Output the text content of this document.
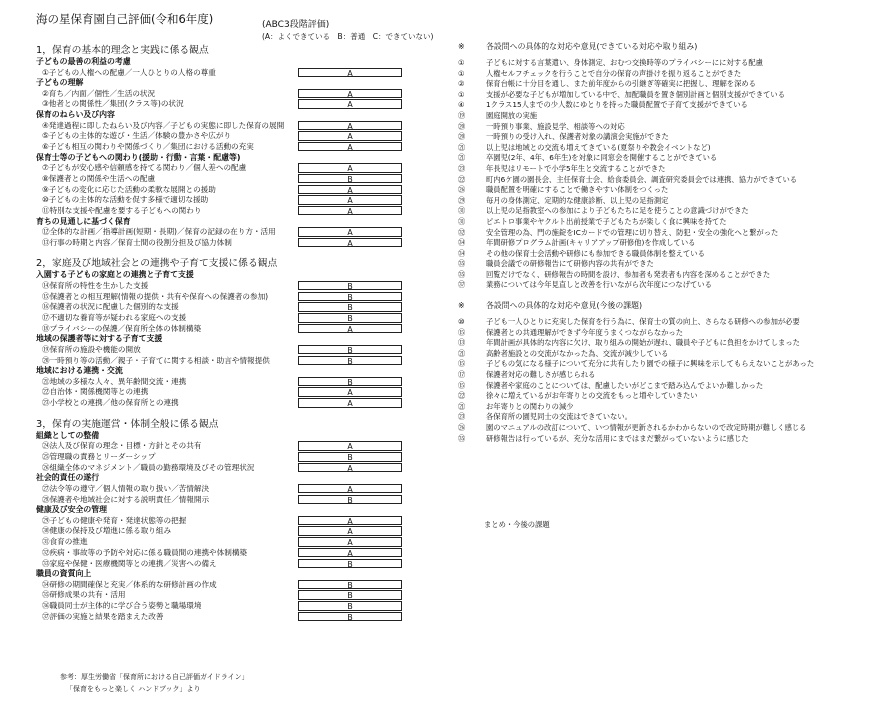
海の星保育園自己評価(令和6年度)	(ABC3段階評価)
(A：よくできている　B：普通　C：できていない)
1，保育の基本的理念と実践に係る観点
子どもの最善の利益の考慮
①子どもの人権への配慮／一人ひとりの人格の尊重	A
子どもの理解
②育ち／内面／個性／生活の状況	A
③他者との関係性／集団(クラス等)の状況	A
保育のねらい及び内容
④発達過程に即したねらい及び内容／子どもの実態に即した保育の展開	A
⑤子どもの主体的な遊び・生活／体験の豊かさや広がり	A
⑥子ども相互の関わりや関係づくり／集団における活動の充実	A
保育士等の子どもへの関わり(援助・行動・言葉・配慮等)
⑦子どもが安心感や信頼感を持てる関わり／個人差への配慮	A
⑧保護者との関係や生活への配慮	B
⑨子どもの変化に応じた活動の柔軟な展開との援助	A
⑩子どもの主体的な活動を促す多様で適切な援助	A
⑪特別な支援や配慮を要する子どもへの関わり	A
育ちの見通しに基づく保育
⑫全体的な計画／指導計画(短期・長期)／保育の記録の在り方・活用	A
⑬行事の時期と内容／保育士間の役割分担及び協力体制	A
2，家庭及び地域社会との連携や子育て支援に係る観点
入園する子どもの家庭との連携と子育て支援
⑭保育所の特性を生かした支援	B
⑮保護者との相互理解(情報の提供・共有や保育への保護者の参加)	B
⑯保護者の状況に配慮した個別的な支援	B
⑰不適切な養育等が疑われる家庭への支援	B
⑱プライバシーの保護／保育所全体の体制構築	A
地域の保護者等に対する子育て支援
⑲保育所の施設や機能の開放	B
⑳一時預り等の活動／親子・子育てに関する相談・助言や情報提供	B
地域における連携・交流
㉑地域の多様な人々、異年齢間交流・連携	B
㉒自治体・関係機関等との連携	A
㉓小学校との連携／他の保育所との連携	A
3，保育の実施運営・体制全般に係る観点
組織としての整備
㉔法人及び保育の理念・目標・方針とその共有	A
㉕管理職の責務とリーダーシップ	B
㉖組織全体のマネジメント／職員の勤務環境及びその管理状況	A
社会的責任の遂行
㉗法令等の遵守／個人情報の取り扱い／苦情解決	A
㉘保護者や地域社会に対する説明責任／情報開示	B
健康及び安全の管理
㉙子どもの健康や発育・発達状態等の把握	A
㉚健康の保持及び増進に係る取り組み	A
㉛食育の推進	A
㉜疾病・事故等の予防や対応に係る職員間の連携や体制構築	A
㉝家庭や保健・医療機関等との連携／災害への備え	B
職員の資質向上
㉞研修の期間確保と充実／体系的な研修計画の作成	B
㉟研修成果の共有・活用	B
㊱職員同士が主体的に学び合う姿勢と職場環境	B
㊲評価の実施と結果を踏まえた改善	B
参考：厚生労働省「保育所における自己評価ガイドライン」
「保育をもっと楽しく ハンドブック」より
※	各設問への具体的な対応や意見(できている対応や取り組み)
①	子どもに対する言葉遣い、身体測定、おむつ交換時等のプライバシーにに対する配慮
①	人権セルフチェックを行うことで自分の保育の声掛けを振り返ることができた
②	保育台帳に十分目を通し、また前年度からの引継ぎ等確実に把握し、理解を深める
①	支援が必要な子どもが増加している中で、加配職員を置き個別計画と個別支援ができている
④	1クラス15人までの少人数にゆとりを持った職員配置で子育て支援ができている
⑲	園庭開放の実施
⑳	一時預り事業、施設見学、相談等への対応
⑳	一時預りの受け入れ、保護者対象の講演会実施ができた
㉑	以上児は地域との交流も増えてきている(夏祭りや教会イベントなど)
㉑	卒園児(2年、4年、6年生)を対象に同窓会を開催することができている
㉓	年長児はリモートで小学5年生と交流することができた
㉒	町内6ケ園の園長会、主任保育士会、給食委員会、調査研究委員会では連携、協力ができている
㉖	職員配置を明確にすることで働きやすい体制をつくった
㉙	毎月の身体測定、定期的な健康診断、以上児の足指測定
㉛	以上児の足指教室への参加により子どもたちに足を使うことの意識づけができた
㉛	ピエトロ事業やヤクルト出前授業で子どもたちが楽しく食に興味を持てた
㉜	安全管理の為、門の施錠をICカードでの管理に切り替え、防犯・安全の強化へと繋がった
㉞	年間研修プログラム計画(キャリアアップ研修他)を作成している
㉞	その他の保育士会活動や研修にも参加できる職員体制を整えている
㉟	職員会議での研修報告にて研修内容の共有ができた
㉟	回覧だけでなく、研修報告の時間を設け、参加者も発表者も内容を深めることができた
㊲	業務については今年見直しと改善を行いながら次年度につなげている
※	各設問への具体的な対応や意見(今後の課題)
⑩	子ども一人ひとりに充実した保育を行う為に、保育士の質の向上、さらなる研修への参加が必要
⑮	保護者との共通理解ができず今年度うまくつながらなかった
⑬	年間計画が具体的な内容に欠け、取り組みの開始が遅れ、職員や子どもに負担をかけてしまった
㉑	高齢者施設との交流がなかった為、交流が減少している
⑮	子どもの気になる様子について充分に共有したり園での様子に興味を示してもらえないことがあった
⑰	保護者対応の難しさが感じられる
⑮	保護者や家庭のことについては、配慮したいがどこまで踏み込んでよいか難しかった
㉒	徐々に増えているがお年寄りとの交流をもっと増やしていきたい
㉑	お年寄りとの関わりの減少
㉓	各保育所の園児同士の交流はできていない。
㉖	園のマニュアルの改訂について、いつ情報が更新されるかわからないので改定時期が難しく感じる
㉟	研修報告は行っているが、充分な活用にまではまだ繋がっていないように感じた
まとめ・今後の課題
